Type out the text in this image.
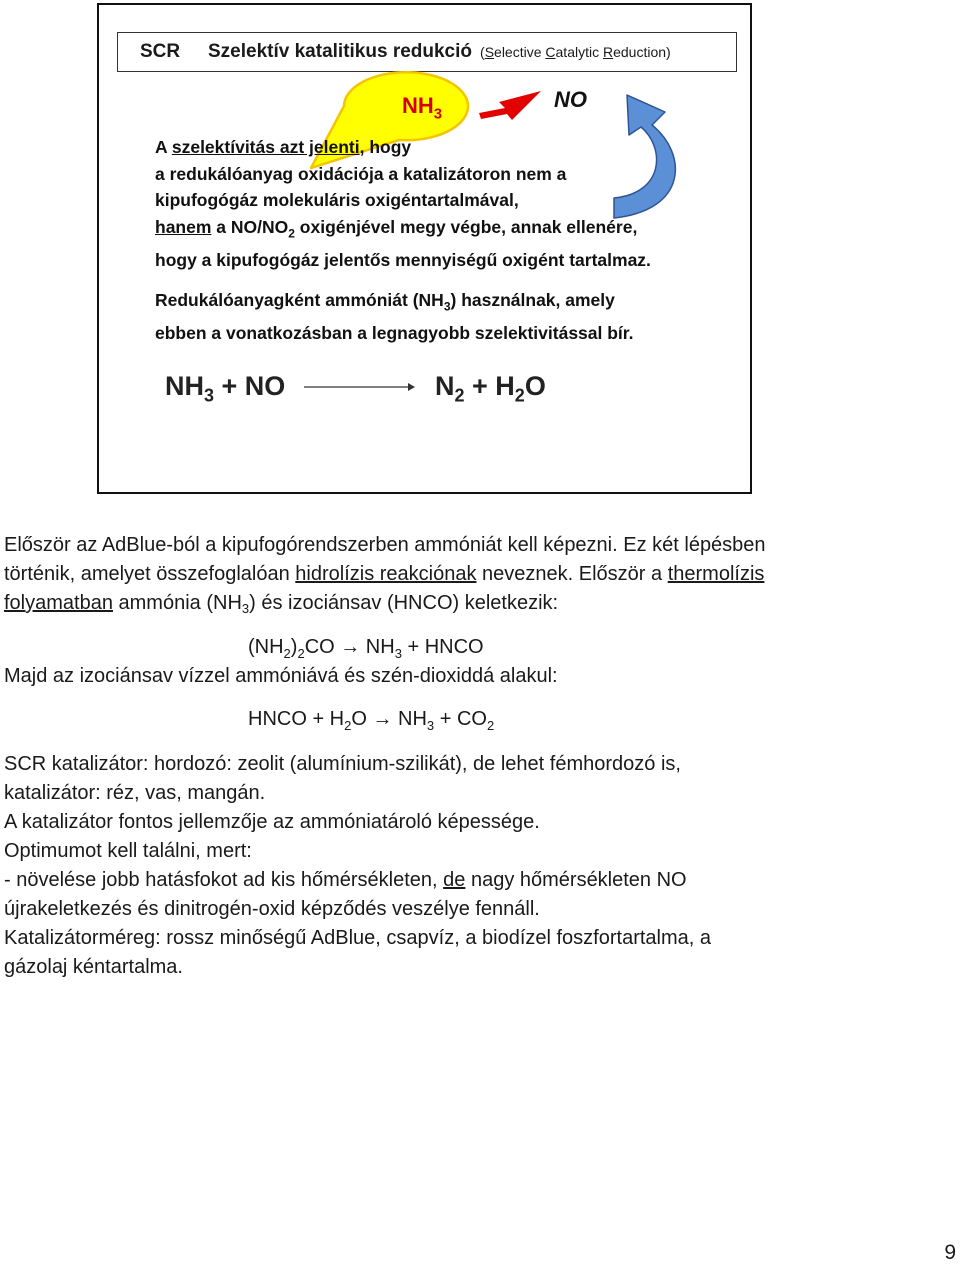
SCR	Szelektív katalitikus redukció (Selective Catalytic Reduction)
$NH_3$
NO
A szelektívitás azt jelenti, hogy
a redukálóanyag oxidációja a katalizátoron nem a
kipufogógáz molekuláris oxigéntartalmával,
hanem a $NO/NO_2$ oxigénjével megy végbe, annak ellenére,
hogy a kipufogógáz jelentős mennyiségű oxigént tartalmaz.
Redukálóanyagként ammóniát $(NH_3)$ használnak, amely
ebben a vonatkozásban a legnagyobb szelektivitással bír.
$NH_3$ + NO	$N_2 + H_2O$
Először az AdBlue-ból a kipufogórendszerben ammóniát kell képezni. Ez két lépésben
történik, amelyet összefoglalóan hidrolízis reakciónak neveznek. Először a thermolízis
folyamatban ammónia $(NH_3)$ és izociánsav (HNCO) keletkezik:
$(NH_2)_2CO \to NH_3$ + HNCO
Majd az izociánsav vízzel ammóniává és szén-dioxiddá alakul:
HNCO + $H_2O \to NH_3 + CO_2$
SCR katalizátor: hordozó: zeolit (alumínium-szilikát), de lehet fémhordozó is,
katalizátor: réz, vas, mangán.
A katalizátor fontos jellemzője az ammóniatároló képessége.
Optimumot kell találni, mert:
- növelése jobb hatásfokot ad kis hőmérsékleten, de nagy hőmérsékleten NO
újrakeletkezés és dinitrogén-oxid képződés veszélye fennáll.
Katalizátorméreg: rossz minőségű AdBlue, csapvíz, a biodízel foszfortartalma, a
gázolaj kéntartalma.
9
